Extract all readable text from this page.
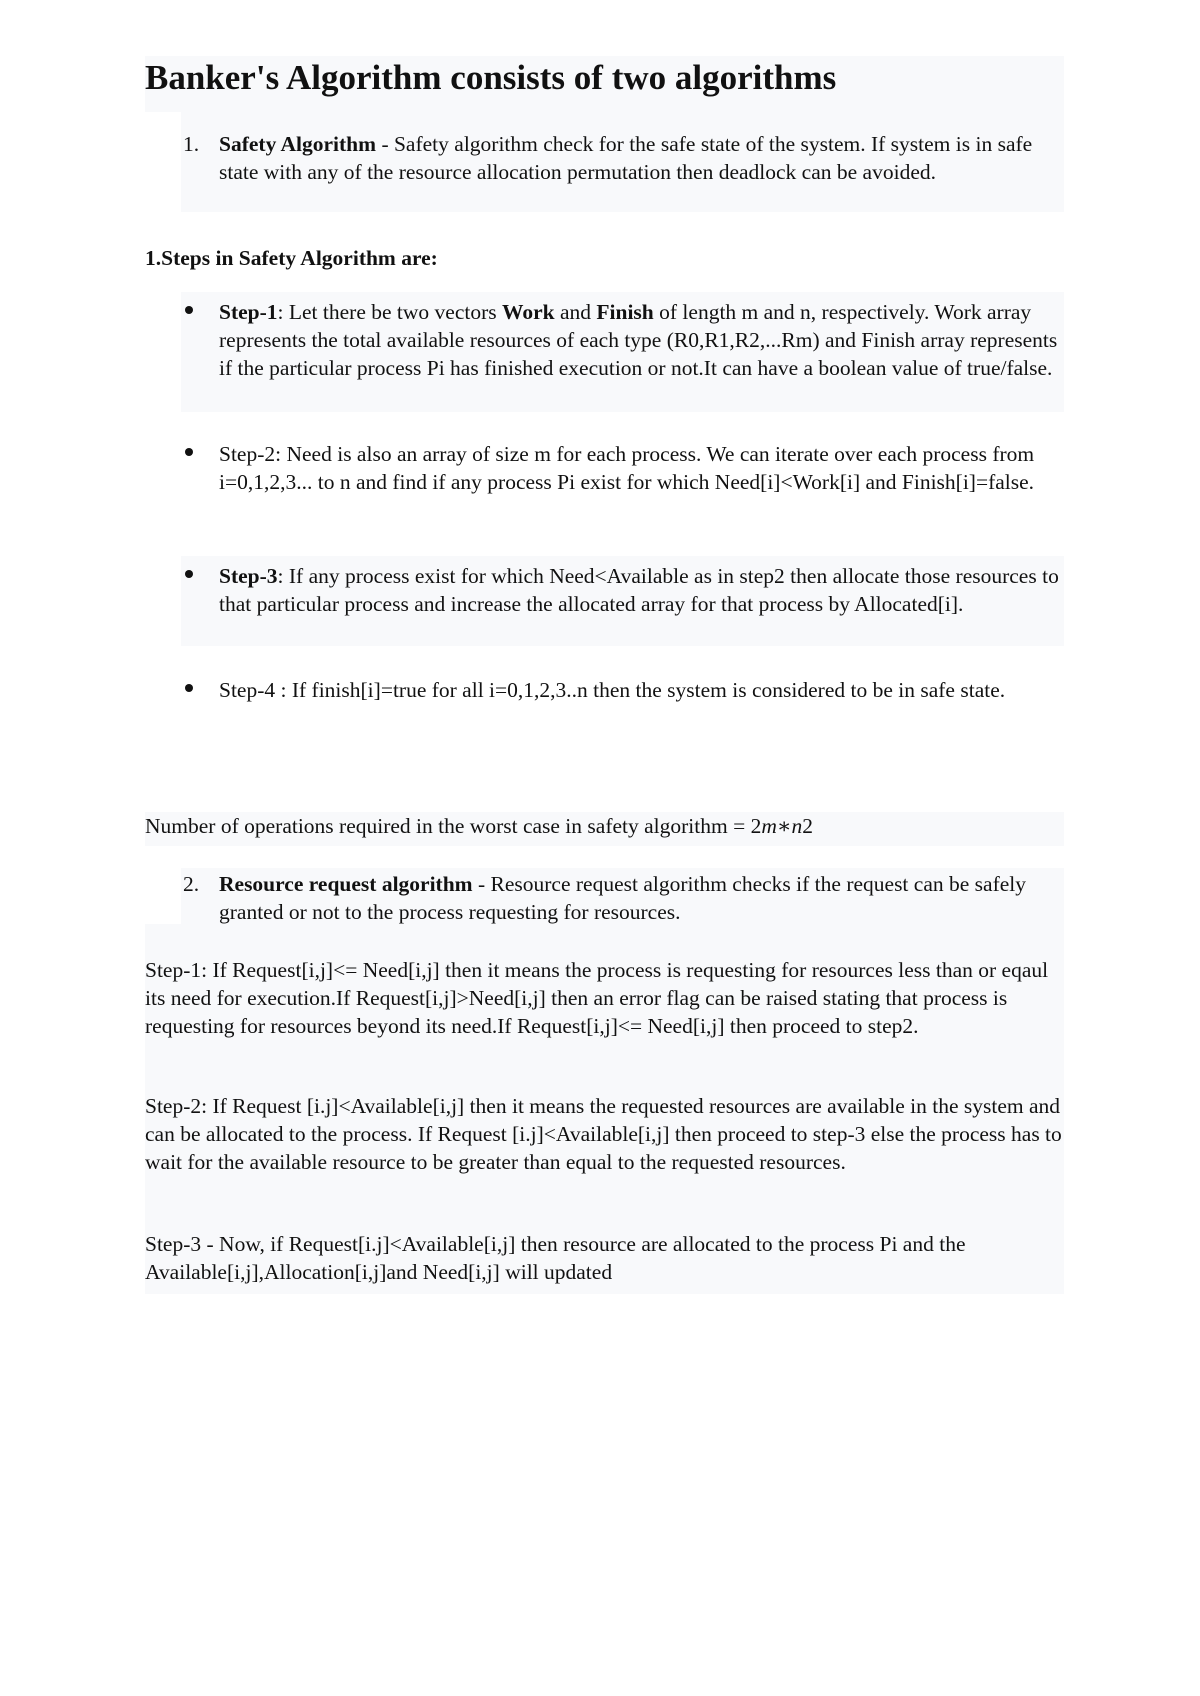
Banker's Algorithm consists of two algorithms
1. Safety Algorithm - Safety algorithm check for the safe state of the system. If system is in safe state with any of the resource allocation permutation then deadlock can be avoided.
1.Steps in Safety Algorithm are:
Step-1: Let there be two vectors Work and Finish of length m and n, respectively. Work array represents the total available resources of each type (R0,R1,R2,...Rm) and Finish array represents if the particular process Pi has finished execution or not.It can have a boolean value of true/false.
Step-2: Need is also an array of size m for each process. We can iterate over each process from i=0,1,2,3... to n and find if any process Pi exist for which Need[i]<Work[i] and Finish[i]=false.
Step-3: If any process exist for which Need<Available as in step2 then allocate those resources to that particular process and increase the allocated array for that process by Allocated[i].
Step-4 : If finish[i]=true for all i=0,1,2,3..n then the system is considered to be in safe state.
Number of operations required in the worst case in safety algorithm = 2m∗n2
2. Resource request algorithm - Resource request algorithm checks if the request can be safely granted or not to the process requesting for resources.
Step-1: If Request[i,j]<= Need[i,j] then it means the process is requesting for resources less than or eqaul its need for execution.If Request[i,j]>Need[i,j] then an error flag can be raised stating that process is requesting for resources beyond its need.If Request[i,j]<= Need[i,j] then proceed to step2.
Step-2: If Request [i.j]<Available[i,j] then it means the requested resources are available in the system and can be allocated to the process. If Request [i.j]<Available[i,j] then proceed to step-3 else the process has to wait for the available resource to be greater than equal to the requested resources.
Step-3 - Now, if Request[i.j]<Available[i,j] then resource are allocated to the process Pi and the Available[i,j],Allocation[i,j]and Need[i,j] will updated
